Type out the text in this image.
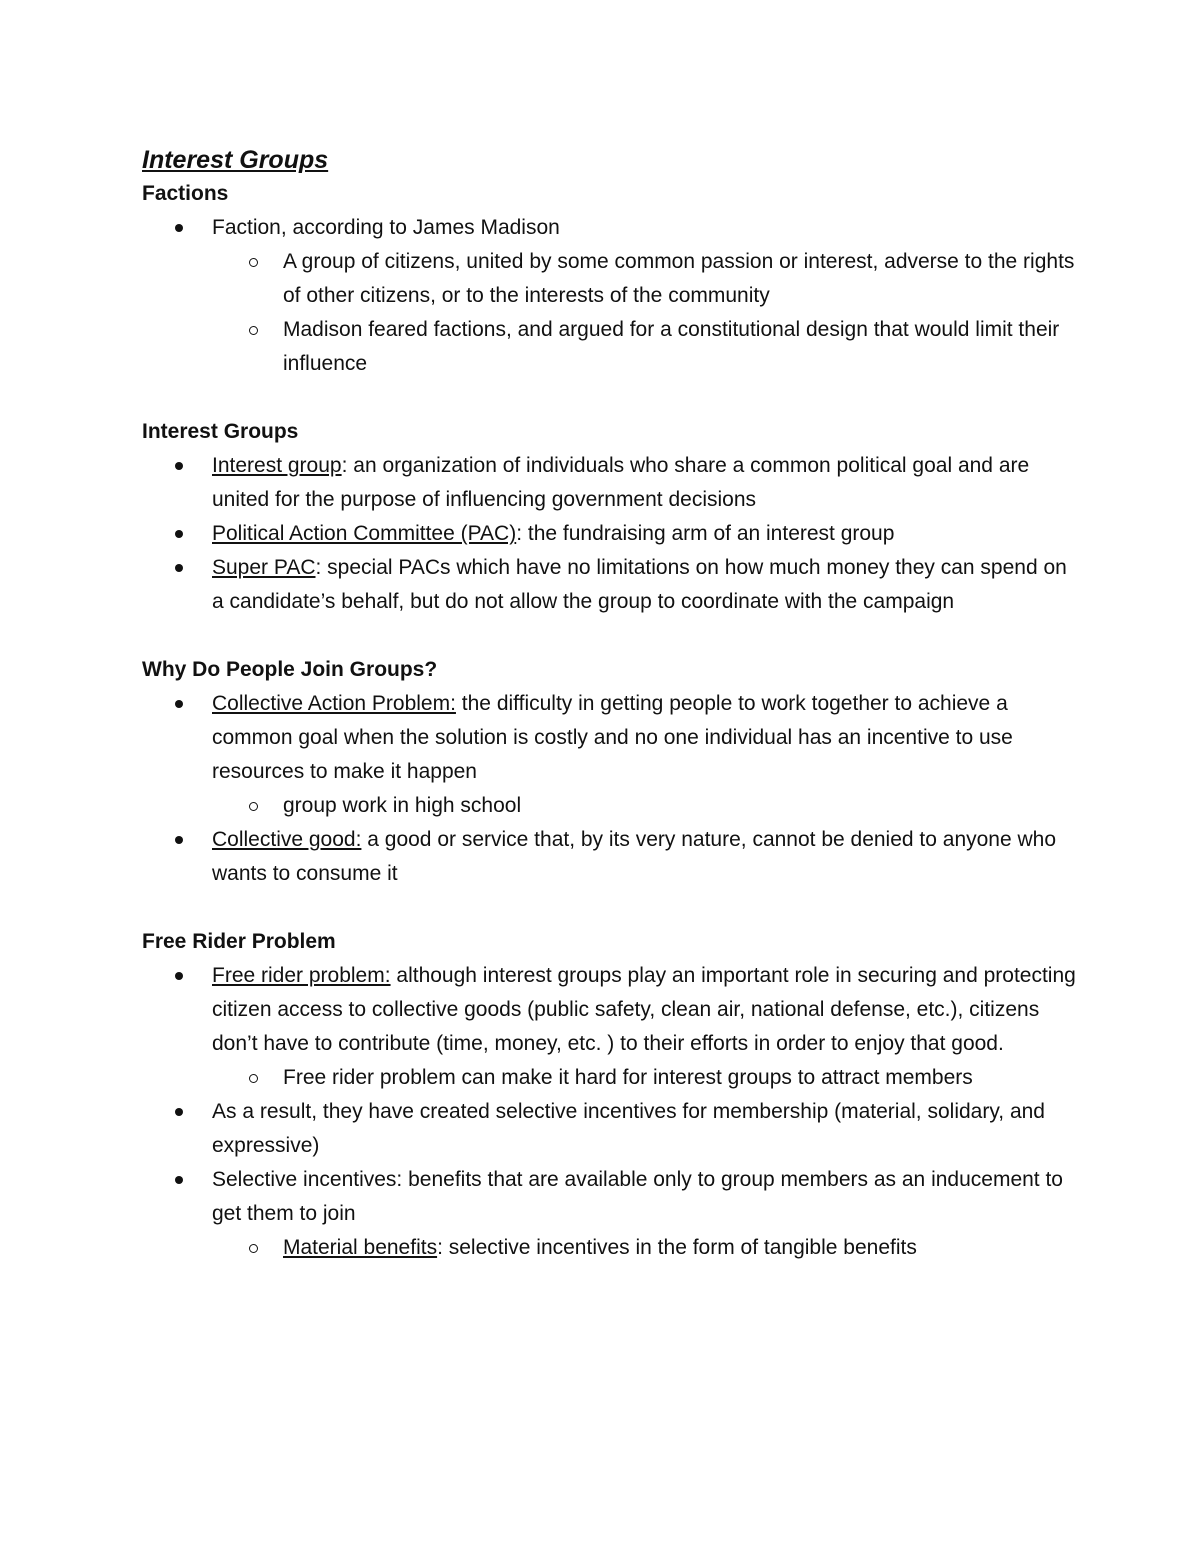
Interest Groups
Factions
Faction, according to James Madison
A group of citizens, united by some common passion or interest, adverse to the rights of other citizens, or to the interests of the community
Madison feared factions, and argued for a constitutional design that would limit their influence
Interest Groups
Interest group: an organization of individuals who share a common political goal and are united for the purpose of influencing government decisions
Political Action Committee (PAC): the fundraising arm of an interest group
Super PAC: special PACs which have no limitations on how much money they can spend on a candidate’s behalf, but do not allow the group to coordinate with the campaign
Why Do People Join Groups?
Collective Action Problem: the difficulty in getting people to work together to achieve a common goal when the solution is costly and no one individual has an incentive to use resources to make it happen
group work in high school
Collective good: a good or service that, by its very nature, cannot be denied to anyone who wants to consume it
Free Rider Problem
Free rider problem: although interest groups play an important role in securing and protecting citizen access to collective goods (public safety, clean air, national defense, etc.), citizens don’t have to contribute (time, money, etc. ) to their efforts in order to enjoy that good.
Free rider problem can make it hard for interest groups to attract members
As a result, they have created selective incentives for membership (material, solidary, and expressive)
Selective incentives: benefits that are available only to group members as an inducement to get them to join
Material benefits: selective incentives in the form of tangible benefits
